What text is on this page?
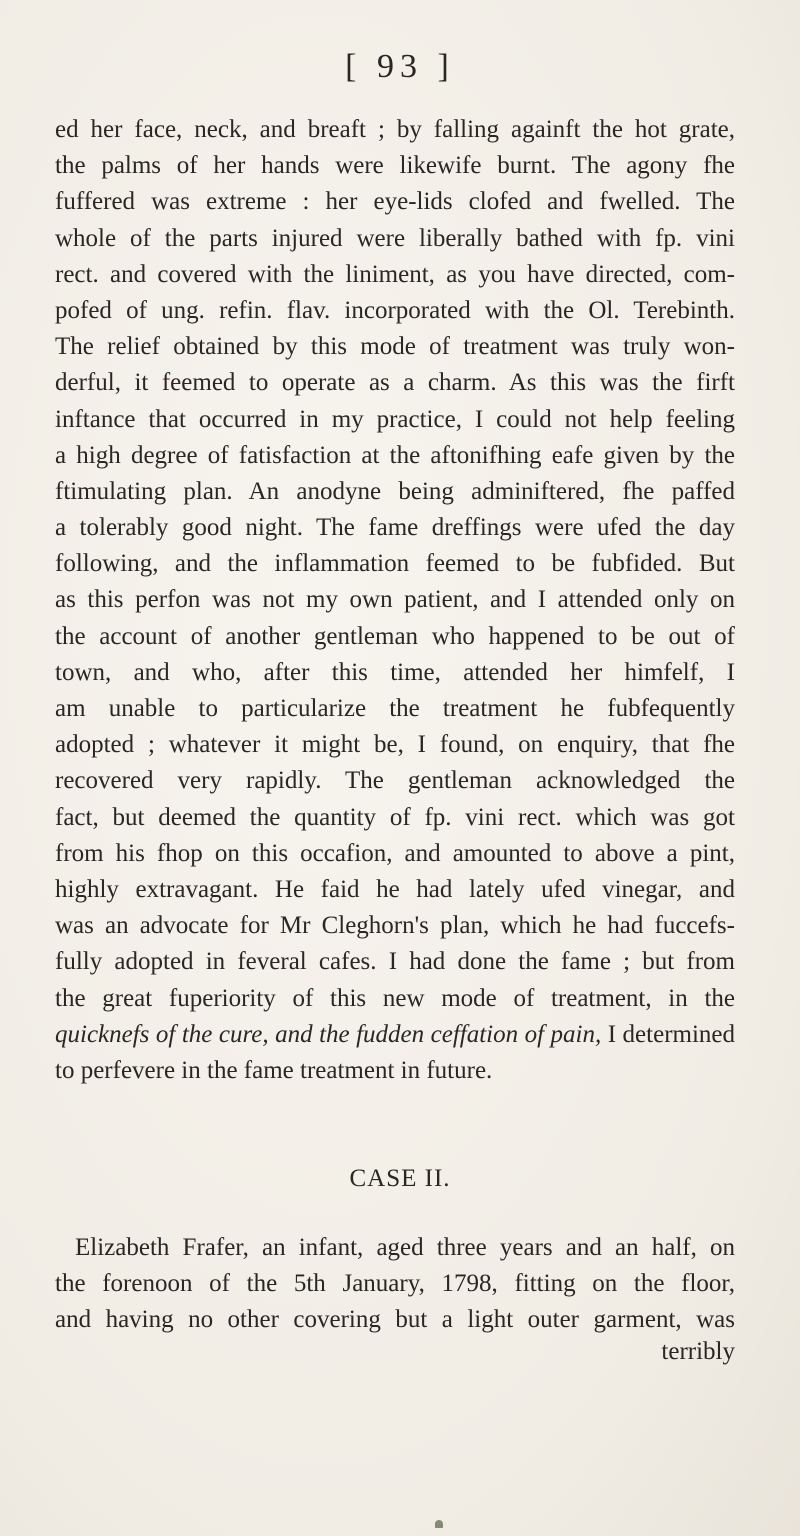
[ 93 ]
ed her face, neck, and breaft ; by falling againft the hot grate,
the palms of her hands were likewife burnt. The agony fhe
fuffered was extreme : her eye-lids clofed and fwelled. The
whole of the parts injured were liberally bathed with fp. vini
rect. and covered with the liniment, as you have directed, com-
pofed of ung. refin. flav. incorporated with the Ol. Terebinth.
The relief obtained by this mode of treatment was truly won-
derful, it feemed to operate as a charm. As this was the firft
inftance that occurred in my practice, I could not help feeling
a high degree of fatisfaction at the aftonifhing eafe given by the
ftimulating plan. An anodyne being adminiftered, fhe paffed
a tolerably good night. The fame dreffings were ufed the day
following, and the inflammation feemed to be fubfided. But
as this perfon was not my own patient, and I attended only on
the account of another gentleman who happened to be out of
town, and who, after this time, attended her himfelf, I
am unable to particularize the treatment he fubfequently
adopted ; whatever it might be, I found, on enquiry, that fhe
recovered very rapidly. The gentleman acknowledged the
fact, but deemed the quantity of fp. vini rect. which was got
from his fhop on this occafion, and amounted to above a pint,
highly extravagant. He faid he had lately ufed vinegar, and
was an advocate for Mr Cleghorn's plan, which he had fuccefs-
fully adopted in feveral cafes. I had done the fame ; but from
the great fuperiority of this new mode of treatment, in the
quicknefs of the cure, and the fudden ceffation of pain, I determined
to perfevere in the fame treatment in future.
CASE II.
Elizabeth Frafer, an infant, aged three years and an half, on
the forenoon of the 5th January, 1798, fitting on the floor,
and having no other covering but a light outer garment, was
terribly
